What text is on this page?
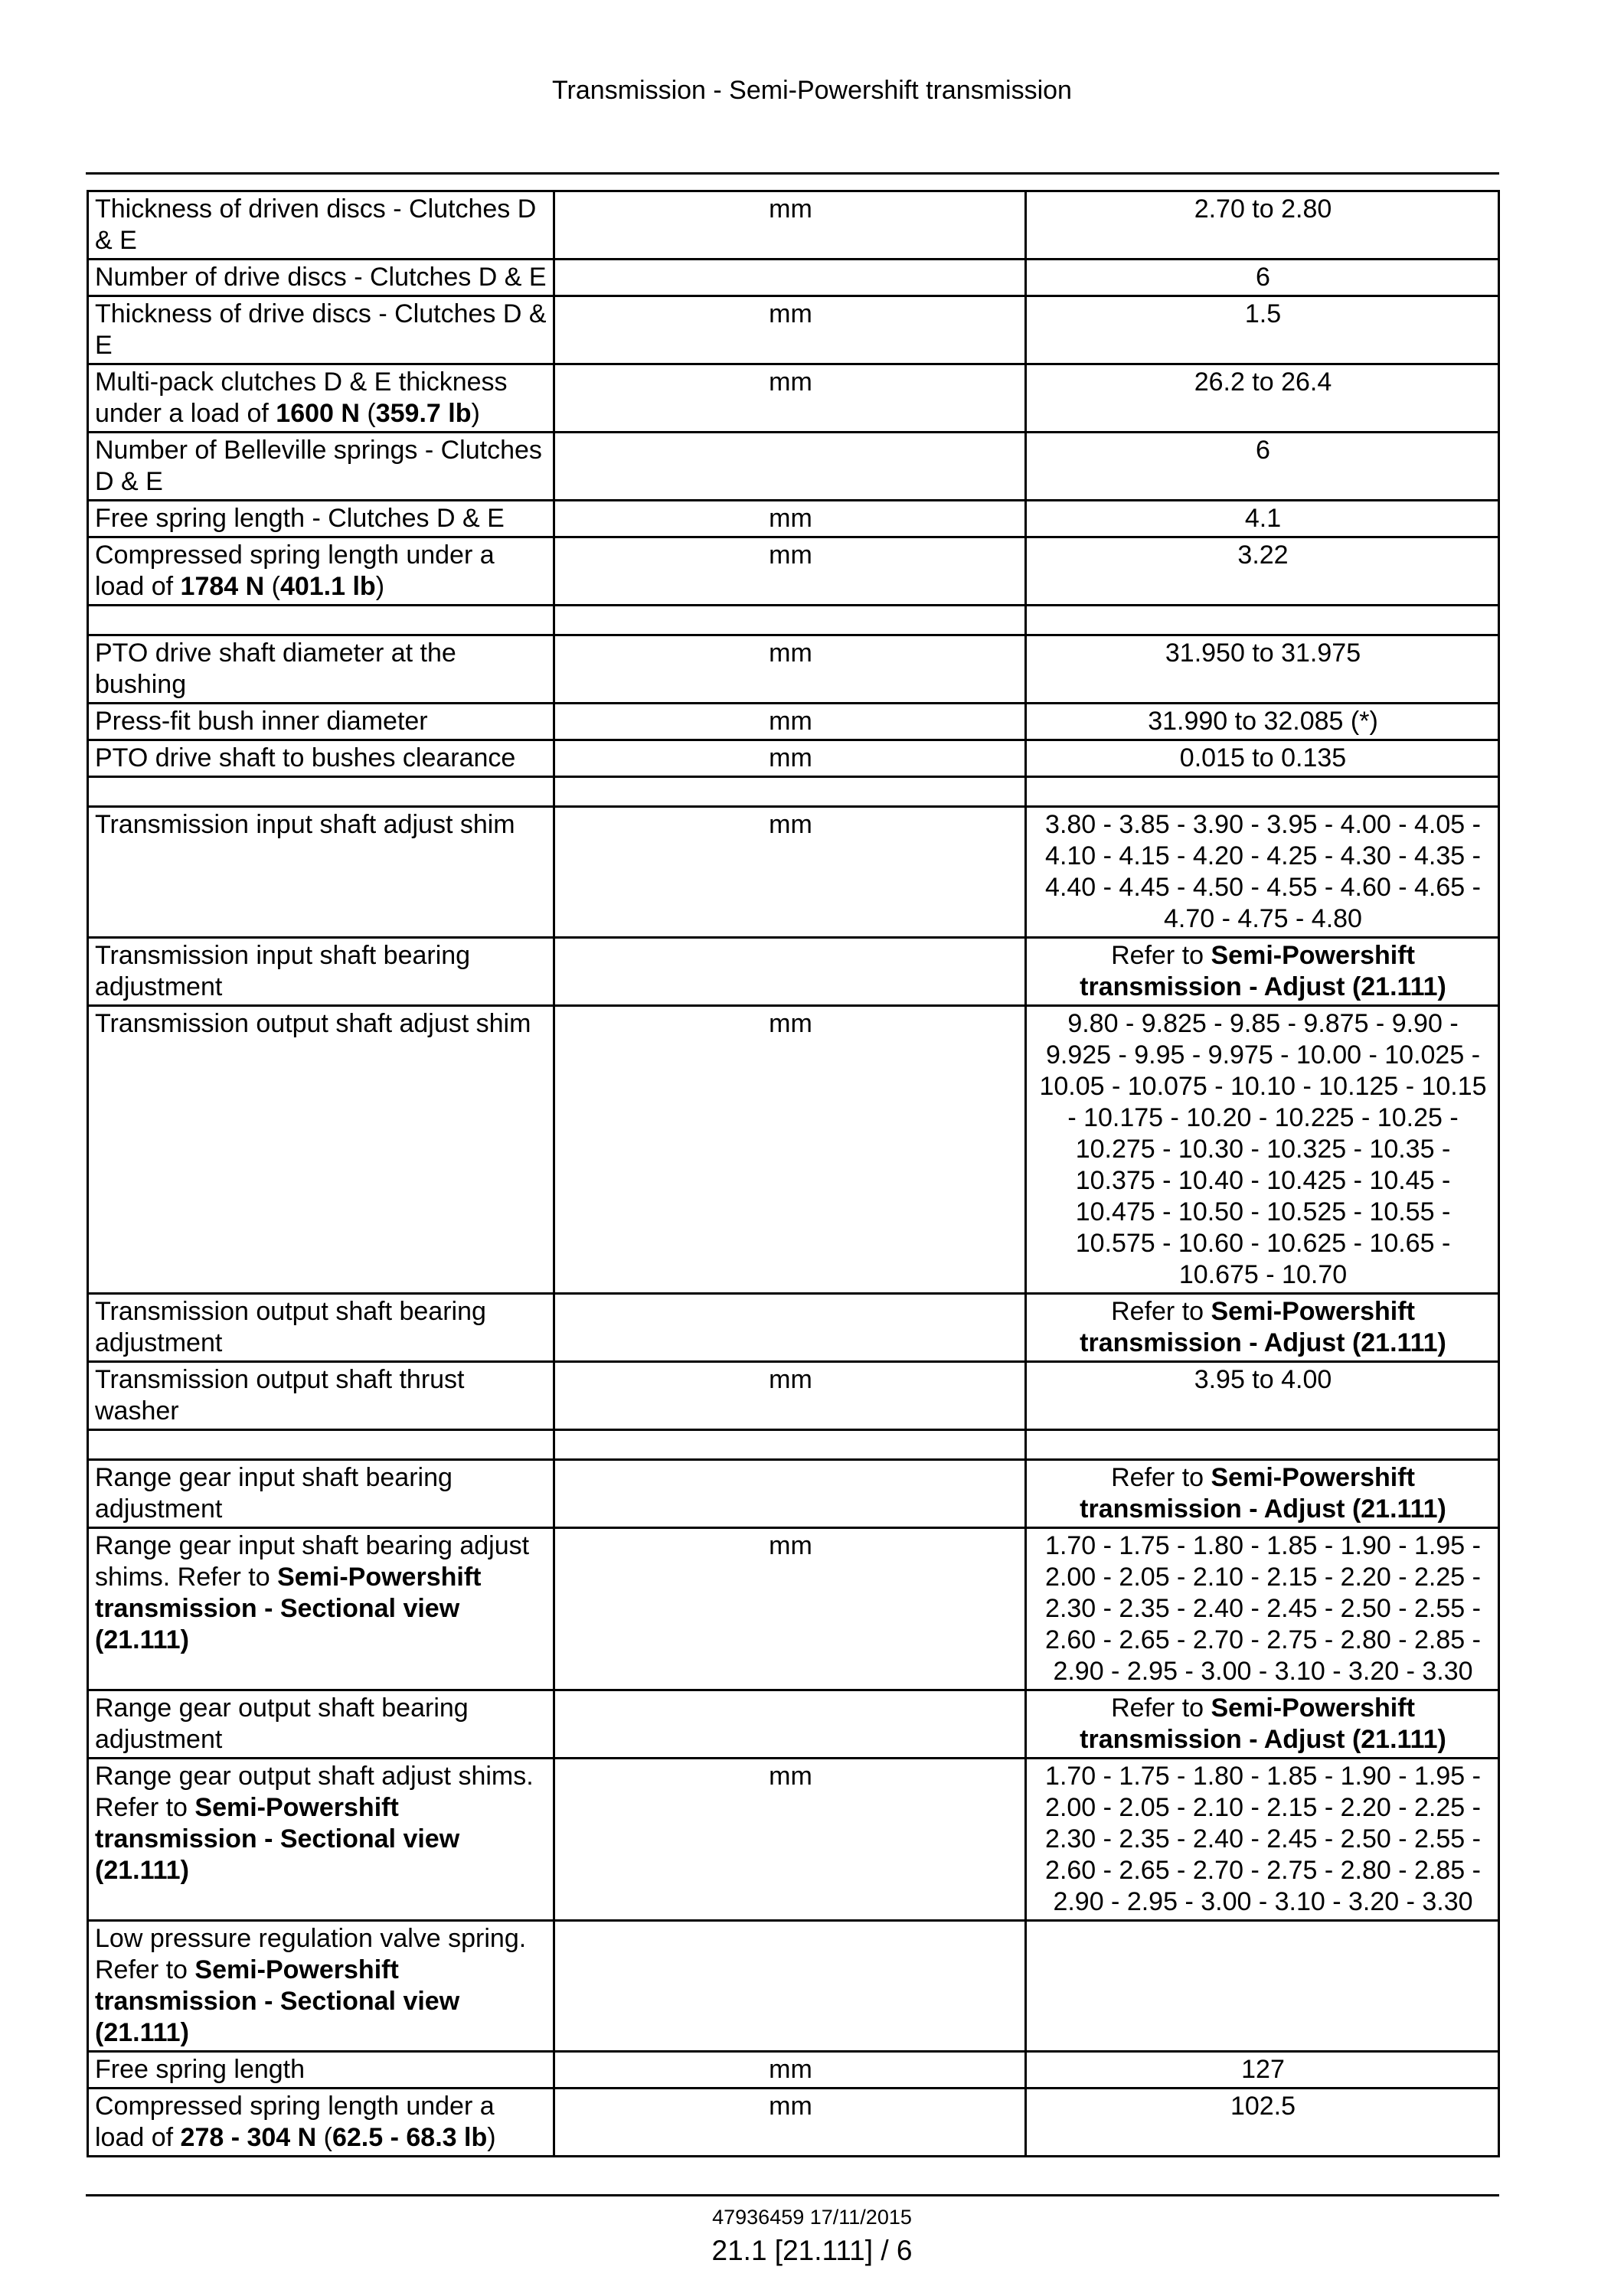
Transmission - Semi-Powershift transmission
Thickness of driven discs - Clutches D & E	mm	2.70 to 2.80
Number of drive discs - Clutches D & E		6
Thickness of drive discs - Clutches D & E	mm	1.5
Multi-pack clutches D & E thickness under a load of 1600 N (359.7 lb)	mm	26.2 to 26.4
Number of Belleville springs - Clutches D & E		6
Free spring length - Clutches D & E	mm	4.1
Compressed spring length under a load of 1784 N (401.1 lb)	mm	3.22

PTO drive shaft diameter at the bushing	mm	31.950 to 31.975
Press-fit bush inner diameter	mm	31.990 to 32.085 (*)
PTO drive shaft to bushes clearance	mm	0.015 to 0.135

Transmission input shaft adjust shim	mm	3.80 - 3.85 - 3.90 - 3.95 - 4.00 - 4.05 - 4.10 - 4.15 - 4.20 - 4.25 - 4.30 - 4.35 - 4.40 - 4.45 - 4.50 - 4.55 - 4.60 - 4.65 - 4.70 - 4.75 - 4.80
Transmission input shaft bearing adjustment		Refer to Semi-Powershift transmission - Adjust (21.111)
Transmission output shaft adjust shim	mm	9.80 - 9.825 - 9.85 - 9.875 - 9.90 - 9.925 - 9.95 - 9.975 - 10.00 - 10.025 - 10.05 - 10.075 - 10.10 - 10.125 - 10.15 - 10.175 - 10.20 - 10.225 - 10.25 - 10.275 - 10.30 - 10.325 - 10.35 - 10.375 - 10.40 - 10.425 - 10.45 - 10.475 - 10.50 - 10.525 - 10.55 - 10.575 - 10.60 - 10.625 - 10.65 - 10.675 - 10.70
Transmission output shaft bearing adjustment		Refer to Semi-Powershift transmission - Adjust (21.111)
Transmission output shaft thrust washer	mm	3.95 to 4.00

Range gear input shaft bearing adjustment		Refer to Semi-Powershift transmission - Adjust (21.111)
Range gear input shaft bearing adjust shims. Refer to Semi-Powershift transmission - Sectional view (21.111)	mm	1.70 - 1.75 - 1.80 - 1.85 - 1.90 - 1.95 - 2.00 - 2.05 - 2.10 - 2.15 - 2.20 - 2.25 - 2.30 - 2.35 - 2.40 - 2.45 - 2.50 - 2.55 - 2.60 - 2.65 - 2.70 - 2.75 - 2.80 - 2.85 - 2.90 - 2.95 - 3.00 - 3.10 - 3.20 - 3.30
Range gear output shaft bearing adjustment		Refer to Semi-Powershift transmission - Adjust (21.111)
Range gear output shaft adjust shims. Refer to Semi-Powershift transmission - Sectional view (21.111)	mm	1.70 - 1.75 - 1.80 - 1.85 - 1.90 - 1.95 - 2.00 - 2.05 - 2.10 - 2.15 - 2.20 - 2.25 - 2.30 - 2.35 - 2.40 - 2.45 - 2.50 - 2.55 - 2.60 - 2.65 - 2.70 - 2.75 - 2.80 - 2.85 - 2.90 - 2.95 - 3.00 - 3.10 - 3.20 - 3.30
Low pressure regulation valve spring. Refer to Semi-Powershift transmission - Sectional view (21.111)		
Free spring length	mm	127
Compressed spring length under a load of 278 - 304 N (62.5 - 68.3 lb)	mm	102.5
47936459 17/11/2015
21.1 [21.111] / 6
